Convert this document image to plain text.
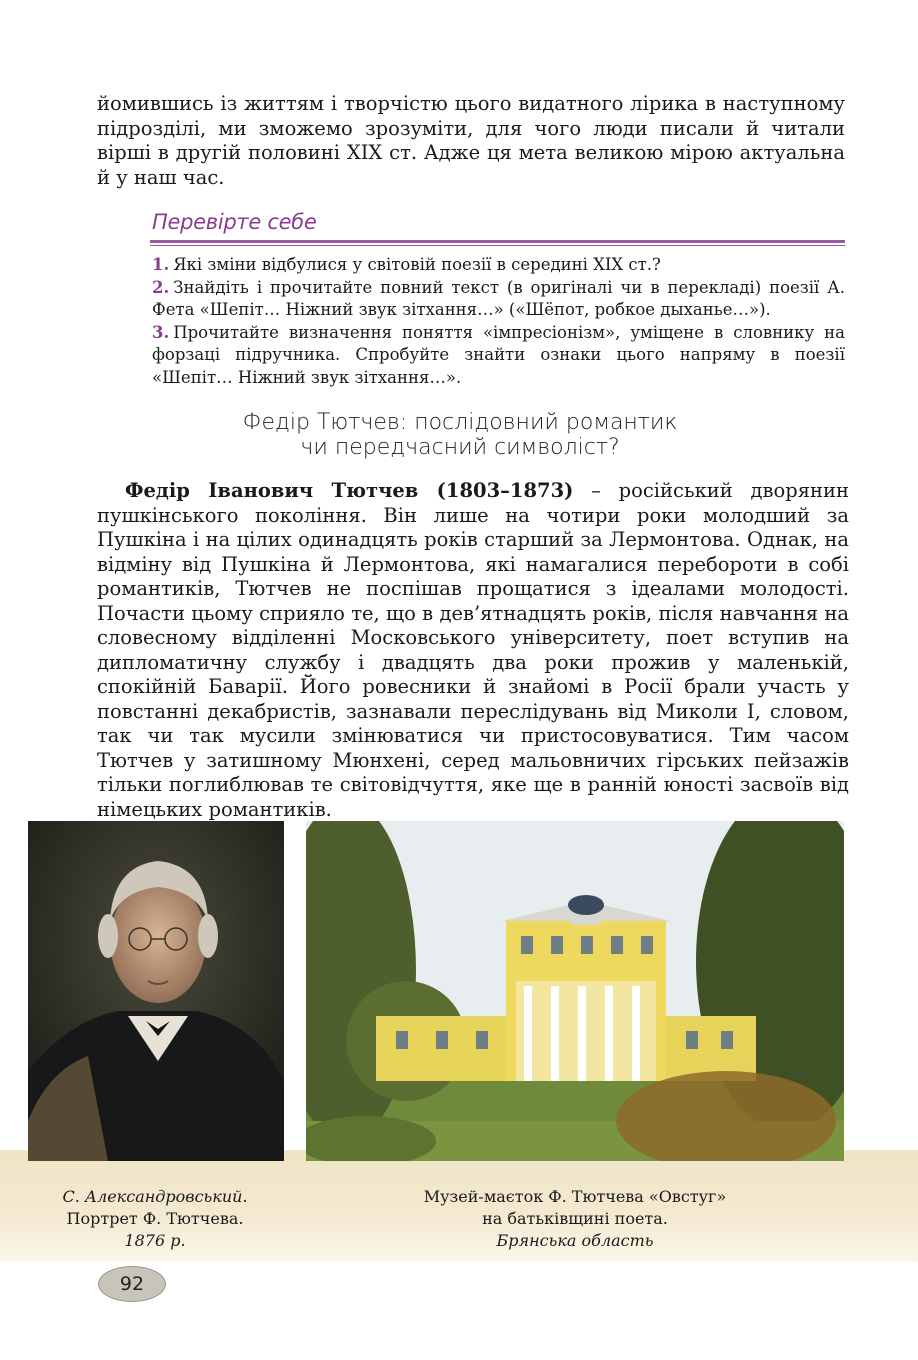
йомившись із життям і творчістю цього видатного лірика в наступному підрозділі, ми зможемо зрозуміти, для чого люди писали й читали вірші в другій половині XIX ст. Адже ця мета великою мірою актуальна й у наш час.

Перевірте себе
1. Які зміни відбулися у світовій поезії в середині XIX ст.?
2. Знайдіть і прочитайте повний текст (в оригіналі чи в перекладі) поезії А. Фета «Шепіт… Ніжний звук зітхання…» («Шёпот, робкое дыханье…»).
3. Прочитайте визначення поняття «імпресіонізм», уміщене в словнику на форзаці підручника. Спробуйте знайти ознаки цього напряму в поезії «Шепіт… Ніжний звук зітхання…».
Федір Тютчев: послідовний романтик
чи передчасний символіст?

Федір Іванович Тютчев (1803–1873) – російський дворянин пушкінського покоління. Він лише на чотири роки молодший за Пушкіна і на цілих одинадцять років старший за Лермонтова. Однак, на відміну від Пушкіна й Лермонтова, які намагалися перебороти в собі романтиків, Тютчев не поспішав прощатися з ідеалами молодості. Почасти цьому сприяло те, що в дев’ятнадцять років, після навчання на словесному відділенні Московського університету, поет вступив на дипломатичну службу і двадцять два роки прожив у маленькій, спокійній Баварії. Його ровесники й знайомі в Росії брали участь у повстанні декабристів, зазнавали переслідувань від Миколи I, словом, так чи так мусили змінюватися чи пристосовуватися. Тим часом Тютчев у затишному Мюнхені, серед мальовничих гірських пейзажів тільки поглиблював те світовідчуття, яке ще в ранній юності засвоїв від німецьких романтиків.

С. Александровський.
Портрет Ф. Тютчева.
1876 р.
Музей-маєток Ф. Тютчева «Овстуг»
на батьківщині поета.
Брянська область
92
